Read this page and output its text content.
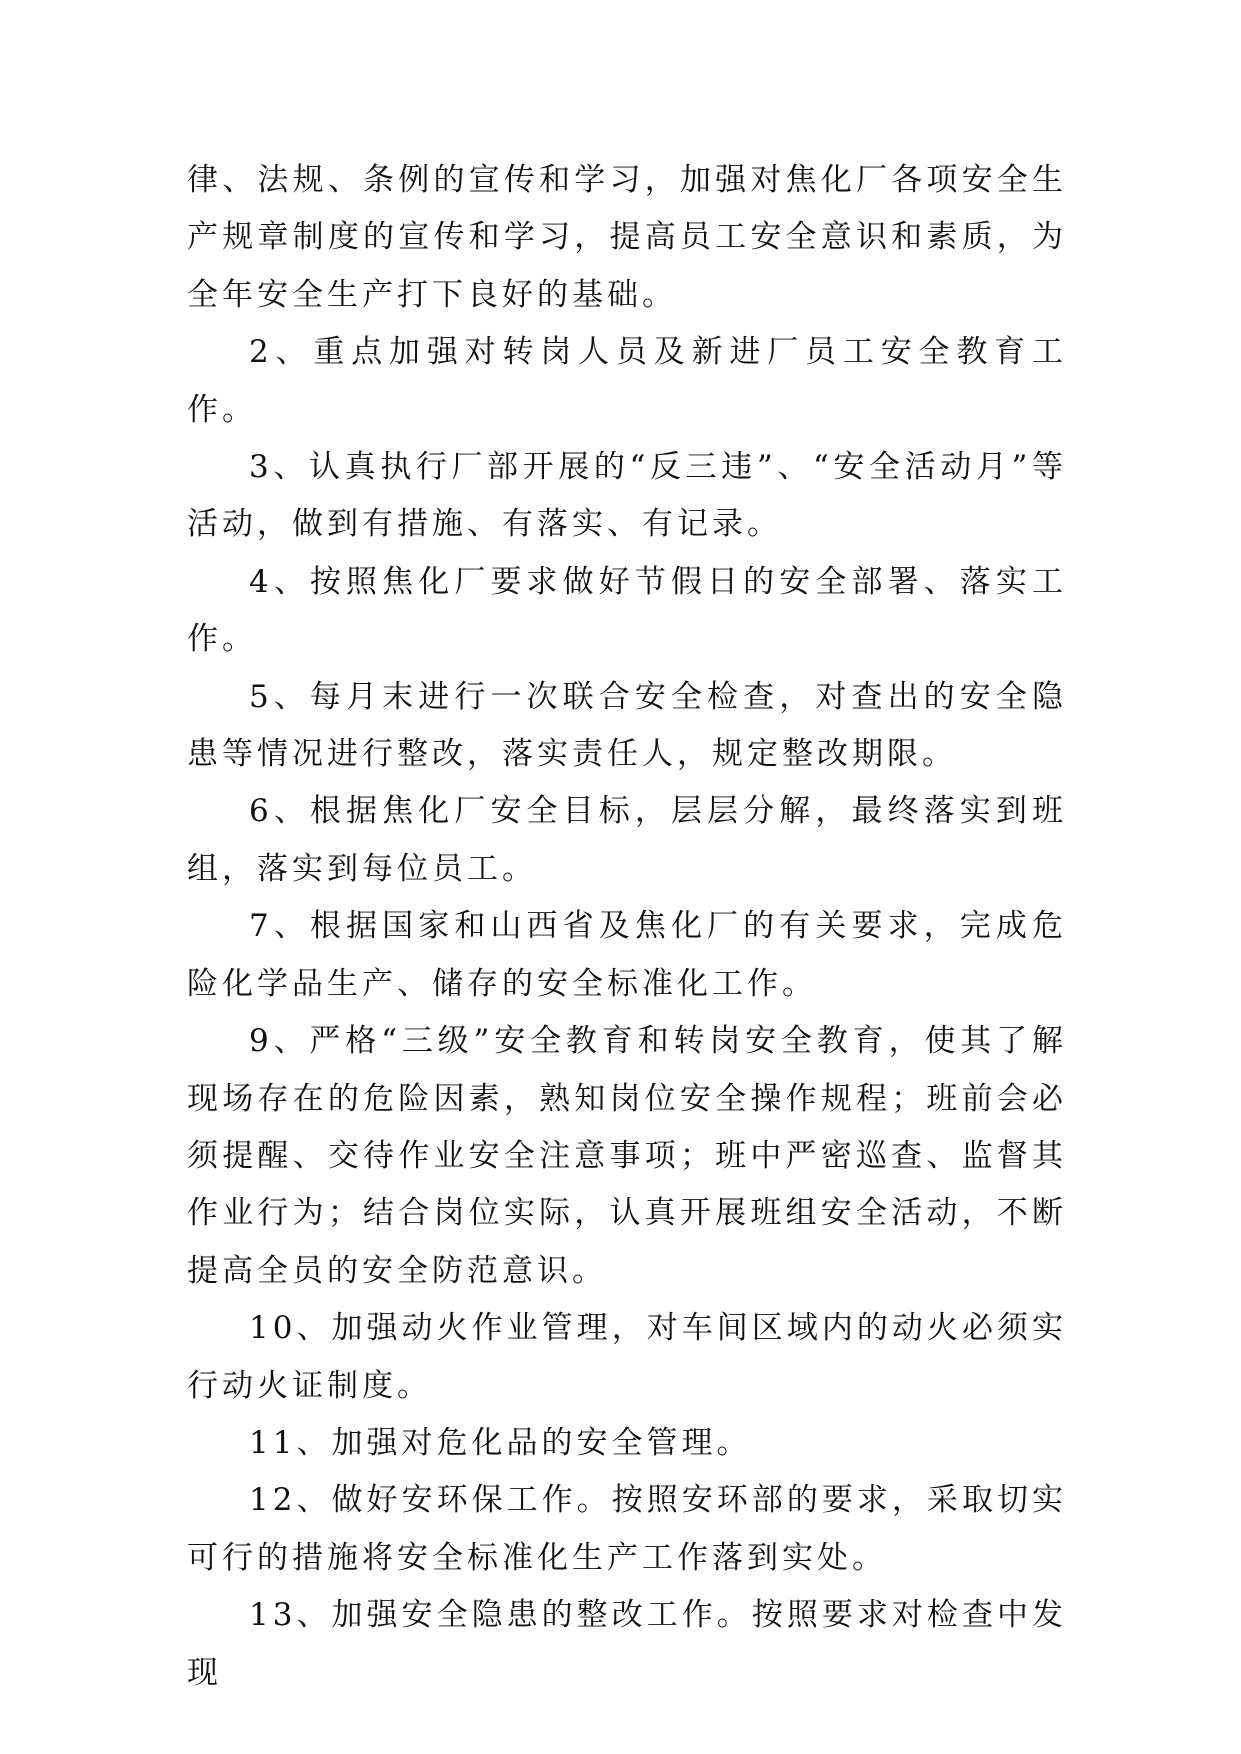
律、法规、条例的宣传和学习，加强对焦化厂各项安全生产规章制度的宣传和学习，提高员工安全意识和素质，为全年安全生产打下良好的基础。

2、重点加强对转岗人员及新进厂员工安全教育工作。

3、认真执行厂部开展的“反三违”、“安全活动月”等活动，做到有措施、有落实、有记录。

4、按照焦化厂要求做好节假日的安全部署、落实工作。

5、每月末进行一次联合安全检查，对查出的安全隐患等情况进行整改，落实责任人，规定整改期限。

6、根据焦化厂安全目标，层层分解，最终落实到班组，落实到每位员工。

7、根据国家和山西省及焦化厂的有关要求，完成危险化学品生产、储存的安全标准化工作。

9、严格“三级”安全教育和转岗安全教育，使其了解现场存在的危险因素，熟知岗位安全操作规程；班前会必须提醒、交待作业安全注意事项；班中严密巡查、监督其作业行为；结合岗位实际，认真开展班组安全活动，不断提高全员的安全防范意识。

10、加强动火作业管理，对车间区域内的动火必须实行动火证制度。

11、加强对危化品的安全管理。

12、做好安环保工作。按照安环部的要求，采取切实可行的措施将安全标准化生产工作落到实处。

13、加强安全隐患的整改工作。按照要求对检查中发现
